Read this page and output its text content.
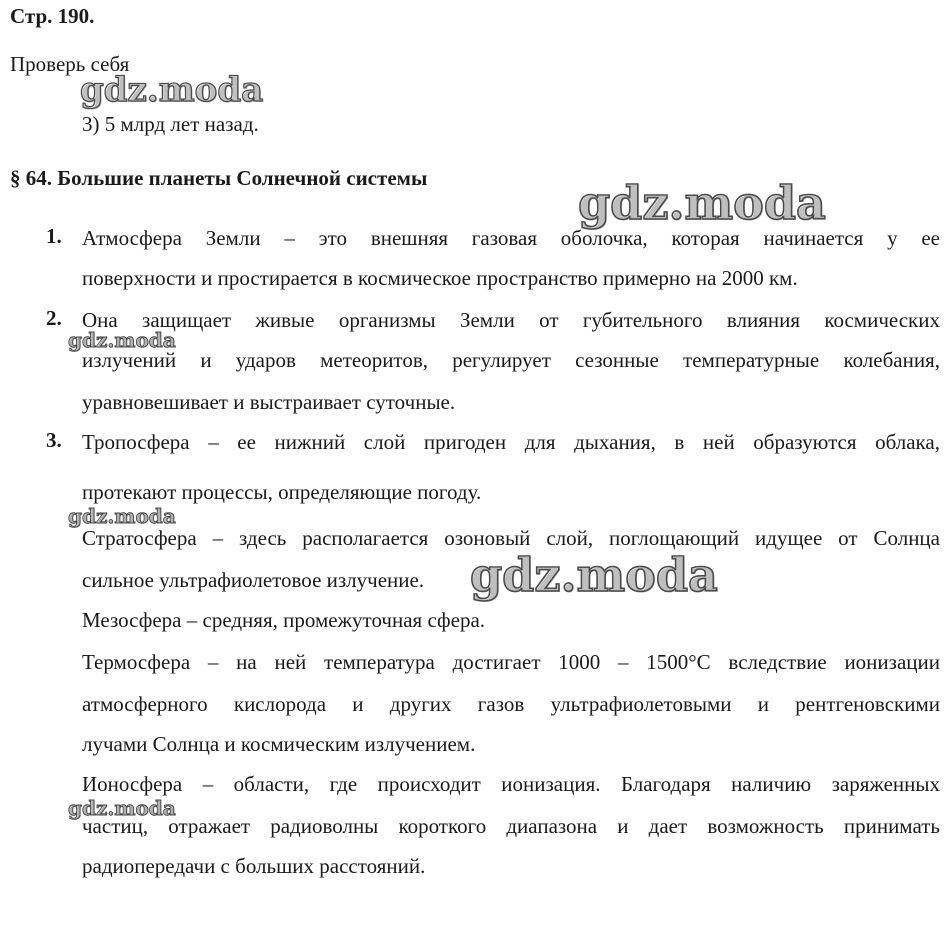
Стр. 190.
Проверь себя
3) 5 млрд лет назад.
§ 64. Большие планеты Солнечной системы
1. Атмосфера Земли – это внешняя газовая оболочка, которая начинается у ее
поверхности и простирается в космическое пространство примерно на 2000 км.
2. Она защищает живые организмы Земли от губительного влияния космических
излучений и ударов метеоритов, регулирует сезонные температурные колебания,
уравновешивает и выстраивает суточные.
3. Тропосфера – ее нижний слой пригоден для дыхания, в ней образуются облака,
протекают процессы, определяющие погоду.
Стратосфера – здесь располагается озоновый слой, поглощающий идущее от Солнца
сильное ультрафиолетовое излучение.
Мезосфера – средняя, промежуточная сфера.
Термосфера – на ней температура достигает 1000 – 1500°С вследствие ионизации
атмосферного кислорода и других газов ультрафиолетовыми и рентгеновскими
лучами Солнца и космическим излучением.
Ионосфера – области, где происходит ионизация. Благодаря наличию заряженных
частиц, отражает радиоволны короткого диапазона и дает возможность принимать
радиопередачи с больших расстояний.
gdz.moda
gdz.moda
gdz.moda
gdz.moda
gdz.moda
gdz.moda
